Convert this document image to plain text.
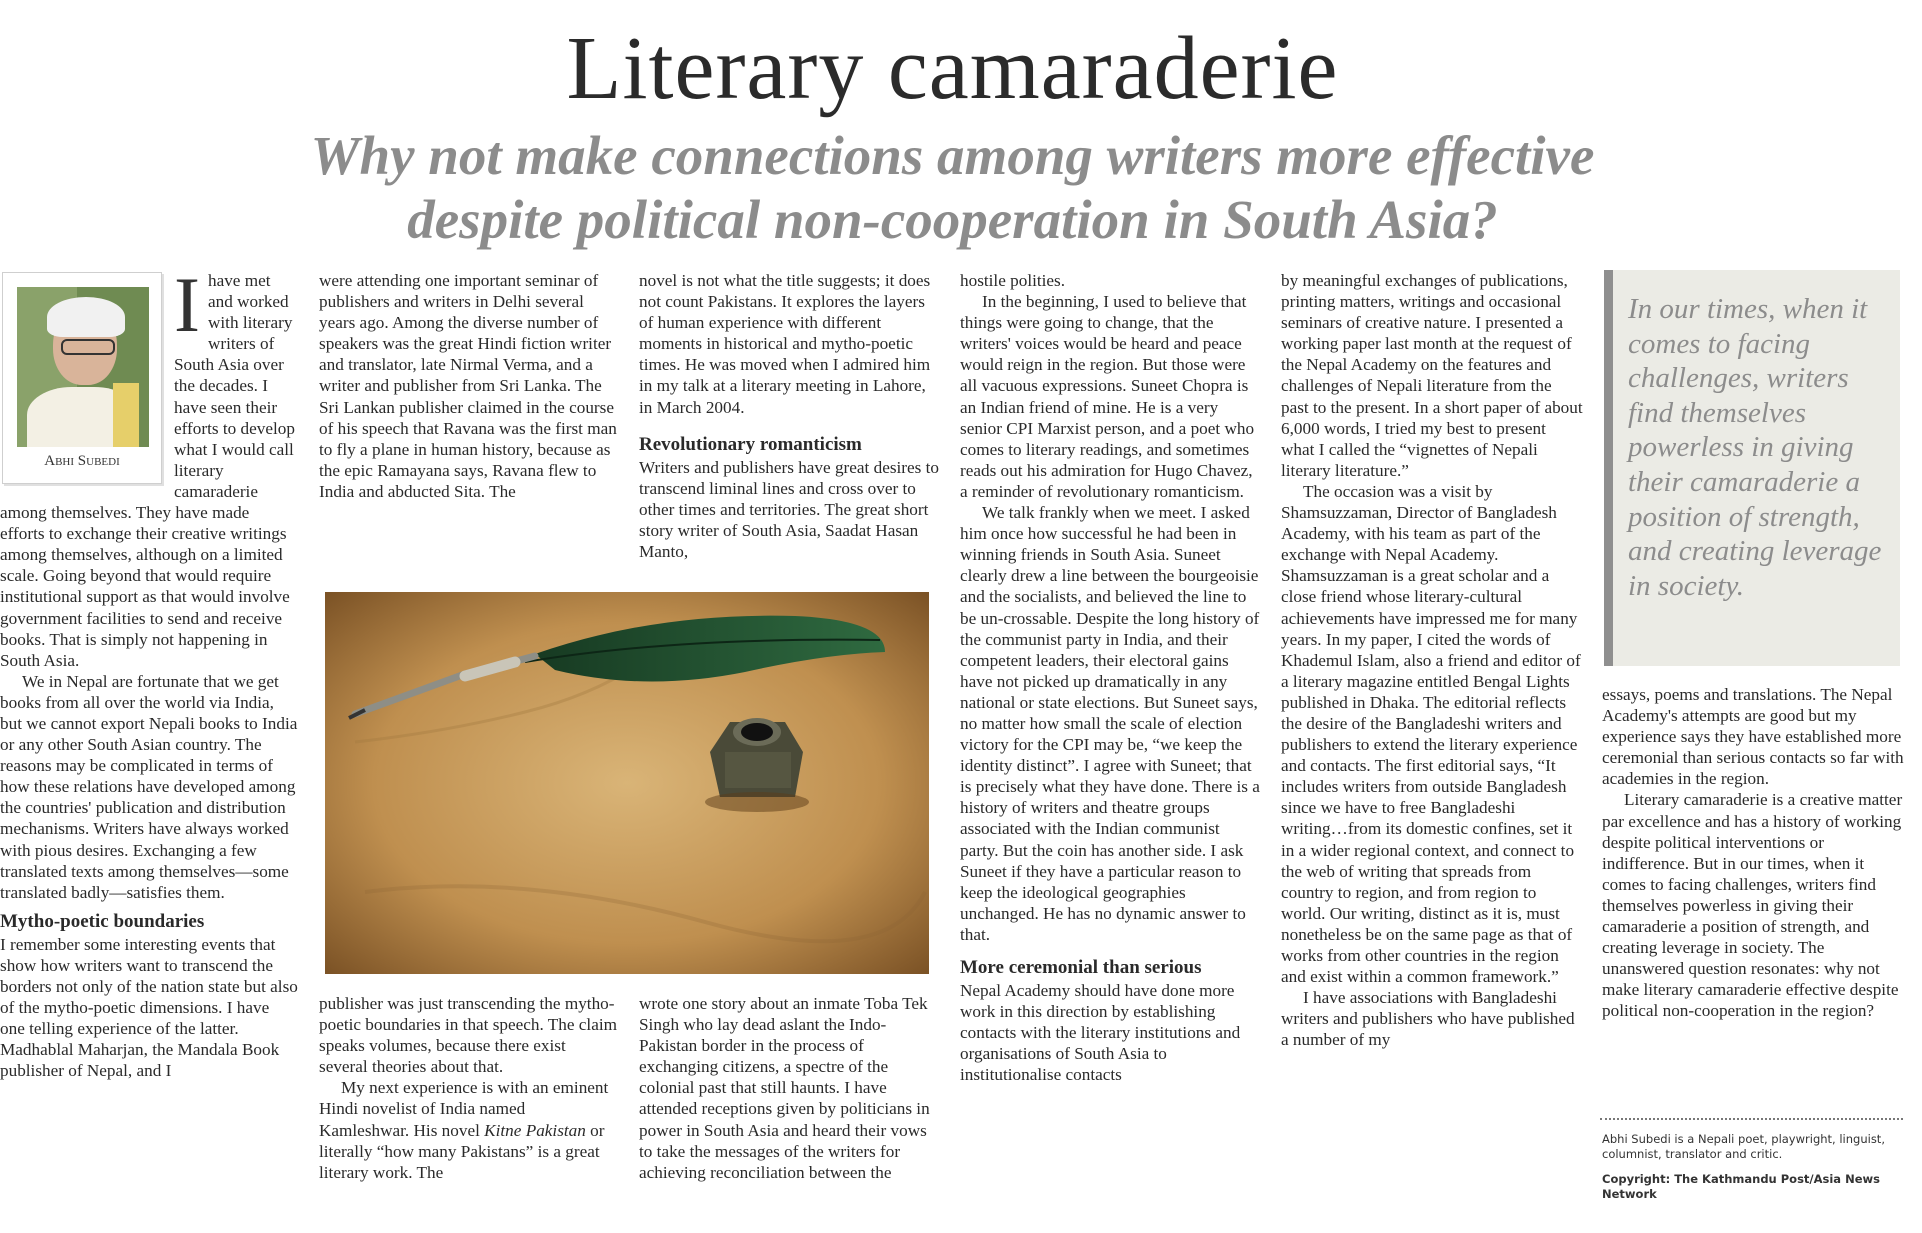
Literary camaraderie
Why not make connections among writers more effective
despite political non-cooperation in South Asia?
Abhi Subedi
I have met and worked with literary writers of South Asia over the decades. I have seen their efforts to develop what I would call literary camaraderie among themselves. They have made efforts to exchange their creative writings among themselves, although on a limited scale. Going beyond that would require institutional support as that would involve government facilities to send and receive books. That is simply not happening in South Asia.

We in Nepal are fortunate that we get books from all over the world via India, but we cannot export Nepali books to India or any other South Asian country. The reasons may be complicated in terms of how these relations have developed among the countries' publication and distribution mechanisms. Writers have always worked with pious desires. Exchanging a few translated texts among themselves—some translated badly—satisfies them.

Mytho-poetic boundaries

I remember some interesting events that show how writers want to transcend the borders not only of the nation state but also of the mytho-poetic dimensions. I have one telling experience of the latter. Madhablal Maharjan, the Mandala Book publisher of Nepal, and I

were attending one important seminar of publishers and writers in Delhi several years ago. Among the diverse number of speakers was the great Hindi fiction writer and translator, late Nirmal Verma, and a writer and publisher from Sri Lanka. The Sri Lankan publisher claimed in the course of his speech that Ravana was the first man to fly a plane in human history, because as the epic Ramayana says, Ravana flew to India and abducted Sita. The

publisher was just transcending the mytho-poetic boundaries in that speech. The claim speaks volumes, because there exist several theories about that.

My next experience is with an eminent Hindi novelist of India named Kamleshwar. His novel Kitne Pakistan or literally “how many Pakistans” is a great literary work. The

novel is not what the title suggests; it does not count Pakistans. It explores the layers of human experience with different moments in historical and mytho-poetic times. He was moved when I admired him in my talk at a literary meeting in Lahore, in March 2004.

Revolutionary romanticism

Writers and publishers have great desires to transcend liminal lines and cross over to other times and territories. The great short story writer of South Asia, Saadat Hasan Manto,

wrote one story about an inmate Toba Tek Singh who lay dead aslant the Indo-Pakistan border in the process of exchanging citizens, a spectre of the colonial past that still haunts. I have attended receptions given by politicians in power in South Asia and heard their vows to take the messages of the writers for achieving reconciliation between the

hostile polities.

In the beginning, I used to believe that things were going to change, that the writers' voices would be heard and peace would reign in the region. But those were all vacuous expressions. Suneet Chopra is an Indian friend of mine. He is a very senior CPI Marxist person, and a poet who comes to literary readings, and sometimes reads out his admiration for Hugo Chavez, a reminder of revolutionary romanticism.

We talk frankly when we meet. I asked him once how successful he had been in winning friends in South Asia. Suneet clearly drew a line between the bourgeoisie and the socialists, and believed the line to be un-crossable. Despite the long history of the communist party in India, and their competent leaders, their electoral gains have not picked up dramatically in any national or state elections. But Suneet says, no matter how small the scale of election victory for the CPI may be, “we keep the identity distinct”. I agree with Suneet; that is precisely what they have done. There is a history of writers and theatre groups associated with the Indian communist party. But the coin has another side. I ask Suneet if they have a particular reason to keep the ideological geographies unchanged. He has no dynamic answer to that.

More ceremonial than serious

Nepal Academy should have done more work in this direction by establishing contacts with the literary institutions and organisations of South Asia to institutionalise contacts

by meaningful exchanges of publications, printing matters, writings and occasional seminars of creative nature. I presented a working paper last month at the request of the Nepal Academy on the features and challenges of Nepali literature from the past to the present. In a short paper of about 6,000 words, I tried my best to present what I called the “vignettes of Nepali literary literature.”

The occasion was a visit by Shamsuzzaman, Director of Bangladesh Academy, with his team as part of the exchange with Nepal Academy. Shamsuzzaman is a great scholar and a close friend whose literary-cultural achievements have impressed me for many years. In my paper, I cited the words of Khademul Islam, also a friend and editor of a literary magazine entitled Bengal Lights published in Dhaka. The editorial reflects the desire of the Bangladeshi writers and publishers to extend the literary experience and contacts. The first editorial says, “It includes writers from outside Bangladesh since we have to free Bangladeshi writing…from its domestic confines, set it in a wider regional context, and connect to the web of writing that spreads from country to region, and from region to world. Our writing, distinct as it is, must nonetheless be on the same page as that of works from other countries in the region and exist within a common framework.”

I have associations with Bangladeshi writers and publishers who have published a number of my

In our times, when it comes to facing challenges, writers find themselves powerless in giving their camaraderie a position of strength, and creating leverage in society.

essays, poems and translations. The Nepal Academy's attempts are good but my experience says they have established more ceremonial than serious contacts so far with academies in the region.

Literary camaraderie is a creative matter par excellence and has a history of working despite political interventions or indifference. But in our times, when it comes to facing challenges, writers find themselves powerless in giving their camaraderie a position of strength, and creating leverage in society. The unanswered question resonates: why not make literary camaraderie effective despite political non-cooperation in the region?

Abhi Subedi is a Nepali poet, playwright, linguist, columnist, translator and critic.
Copyright: The Kathmandu Post/Asia News Network
